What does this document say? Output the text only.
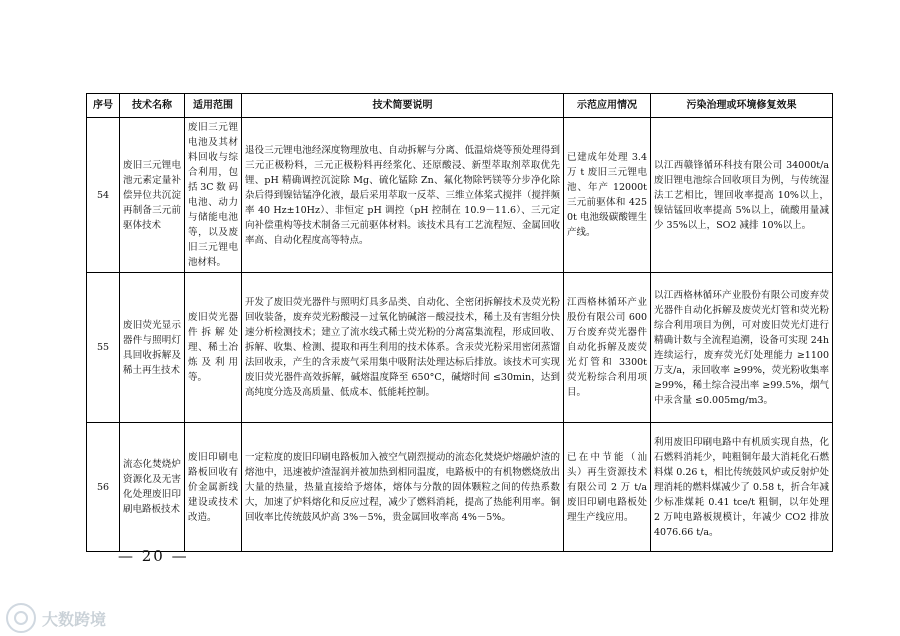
序号	技术名称	适用范围	技术简要说明	示范应用情况	污染治理或环境修复效果
54	废旧三元锂电池元素定量补偿异位共沉淀再制备三元前驱体技术	废旧三元锂电池及其材料回收与综合利用，包括3C数码电池、动力与储能电池等，以及废旧三元锂电池材料。	退役三元锂电池经深度物理放电、自动拆解与分离、低温焙烧等预处理得到三元正极粉料，三元正极粉料再经浆化、还原酸浸、新型萃取剂萃取优先锂、pH 精确调控沉淀除 Mg、硫化锰除 Zn、氟化物除钙镁等分步净化除杂后得到镍钴锰净化液，最后采用萃取一反萃、三维立体桨式搅拌（搅拌频率 40 Hz±10Hz）、非恒定 pH 调控（pH 控制在 10.9－11.6）、三元定向补偿重构等技术制备三元前驱体材料。该技术具有工艺流程短、金属回收率高、自动化程度高等特点。	已建成年处理 3.4 万 t 废旧三元锂电池、年产 12000t 三元前驱体和 4250t 电池级碳酸锂生产线。	以江西赣锋循环科技有限公司 34000t/a 废旧锂电池综合回收项目为例，与传统湿法工艺相比，锂回收率提高 10%以上，镍钴锰回收率提高 5%以上，硫酸用量减少 35%以上，SO2 减排 10%以上。
55	废旧荧光显示器件与照明灯具回收拆解及稀土再生技术	废旧荧光器件拆解处理、稀土冶炼及利用等。	开发了废旧荧光器件与照明灯具多品类、自动化、全密闭拆解技术及荧光粉回收装备，废弃荧光粉酸浸－过氧化钠碱溶－酸浸技术，稀土及有害组分快速分析检测技术；建立了流水线式稀土荧光粉的分离富集流程，形成回收、拆解、收集、检测、提取和再生利用的技术体系。含汞荧光粉采用密闭蒸馏法回收汞，产生的含汞废气采用集中吸附法处理达标后排放。该技术可实现废旧荧光器件高效拆解，碱熔温度降至 650°C，碱熔时间 ≤30min，达到高纯度分选及高质量、低成本、低能耗控制。	江西格林循环产业股份有限公司 600 万台废弃荧光器件自动化拆解及废荧光灯管和 3300t 荧光粉综合利用项目。	以江西格林循环产业股份有限公司废弃荧光器件自动化拆解及废荧光灯管和荧光粉综合利用项目为例，可对废旧荧光灯进行精确计数与全流程追溯，设备可实现 24h 连续运行，废弃荧光灯处理能力 ≥1100 万支/a，汞回收率 ≥99%，荧光粉收集率 ≥99%，稀土综合浸出率 ≥99.5%，烟气中汞含量 ≤0.005mg/m3。
56	流态化焚烧炉资源化及无害化处理废旧印刷电路板技术	废旧印刷电路板回收有价金属新线建设或技术改造。	一定粒度的废旧印刷电路板加入被空气剧烈搅动的流态化焚烧炉熔融炉渣的熔池中，迅速被炉渣湿润并被加热到相同温度，电路板中的有机物燃烧放出大量的热量，热量直接给予熔体，熔体与分散的固体颗粒之间的传热系数大，加速了炉料熔化和反应过程，减少了燃料消耗，提高了热能利用率。铜回收率比传统鼓风炉高 3%－5%，贵金属回收率高 4%－5%。	已在中节能（汕头）再生资源技术有限公司 2 万 t/a 废旧印刷电路板处理生产线应用。	利用废旧印刷电路中有机质实现自热，化石燃料消耗少，吨粗铜年最大消耗化石燃料煤 0.26 t，相比传统鼓风炉或反射炉处理消耗的燃料煤减少了 0.58 t，折合年减少标准煤耗 0.41 tce/t 粗铜，以年处理 2 万吨电路板规模计，年减少 CO2 排放 4076.66 t/a。
— 20 —
大数跨境
